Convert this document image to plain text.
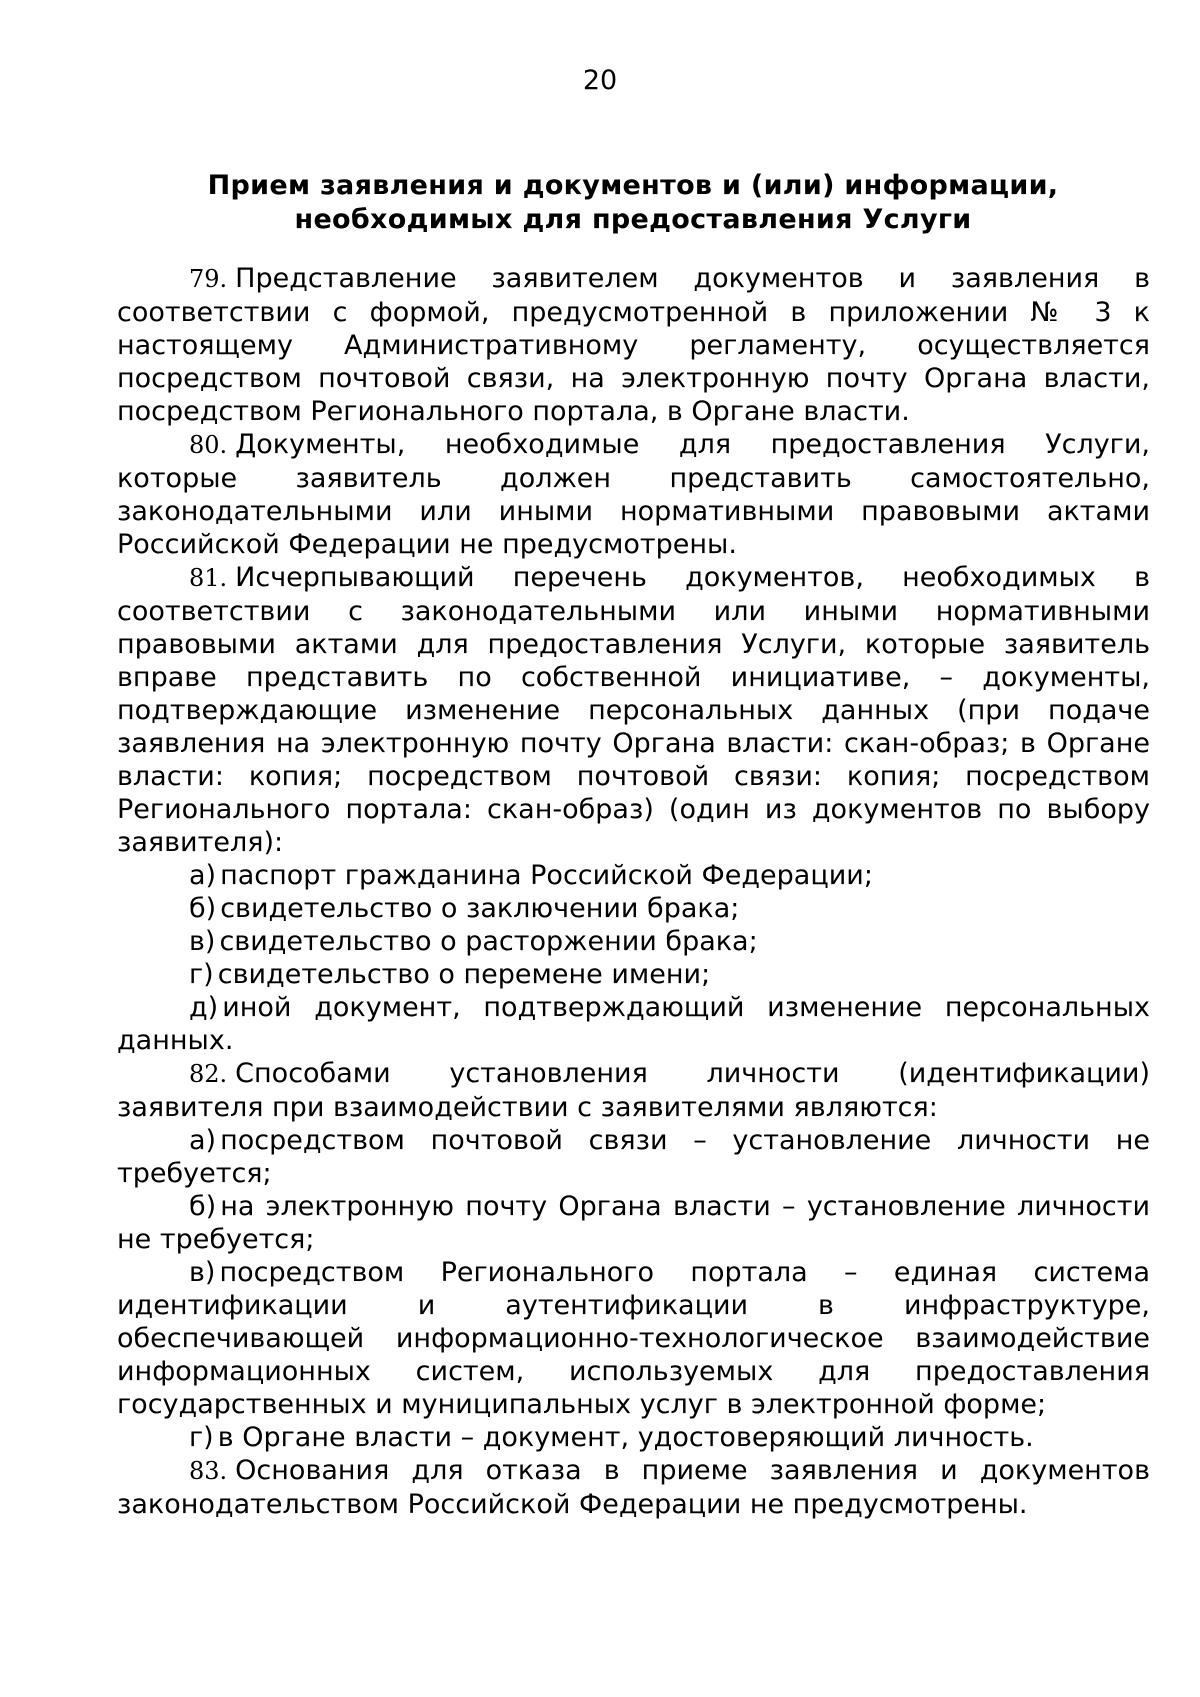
20
Прием заявления и документов и (или) информации,
необходимых для предоставления Услуги

79. Представление заявителем документов и заявления в соответствии с формой, предусмотренной в приложении № 3 к настоящему Административному регламенту, осуществляется посредством почтовой связи, на электронную почту Органа власти, посредством Регионального портала, в Органе власти.

80. Документы, необходимые для предоставления Услуги, которые заявитель должен представить самостоятельно, законодательными или иными нормативными правовыми актами Российской Федерации не предусмотрены.

81. Исчерпывающий перечень документов, необходимых в соответствии с законодательными или иными нормативными правовыми актами для предоставления Услуги, которые заявитель вправе представить по собственной инициативе, – документы, подтверждающие изменение персональных данных (при подаче заявления на электронную почту Органа власти: скан-образ; в Органе власти: копия; посредством почтовой связи: копия; посредством Регионального портала: скан-образ) (один из документов по выбору заявителя):

а) паспорт гражданина Российской Федерации;

б) свидетельство о заключении брака;

в) свидетельство о расторжении брака;

г) свидетельство о перемене имени;

д) иной документ, подтверждающий изменение персональных данных.

82. Способами установления личности (идентификации) заявителя при взаимодействии с заявителями являются:

а) посредством почтовой связи – установление личности не требуется;

б) на электронную почту Органа власти – установление личности не требуется;

в) посредством Регионального портала – единая система идентификации и аутентификации в инфраструктуре, обеспечивающей информационно-технологическое взаимодействие информационных систем, используемых для предоставления государственных и муниципальных услуг в электронной форме;

г) в Органе власти – документ, удостоверяющий личность.

83. Основания для отказа в приеме заявления и документов законодательством Российской Федерации не предусмотрены.
